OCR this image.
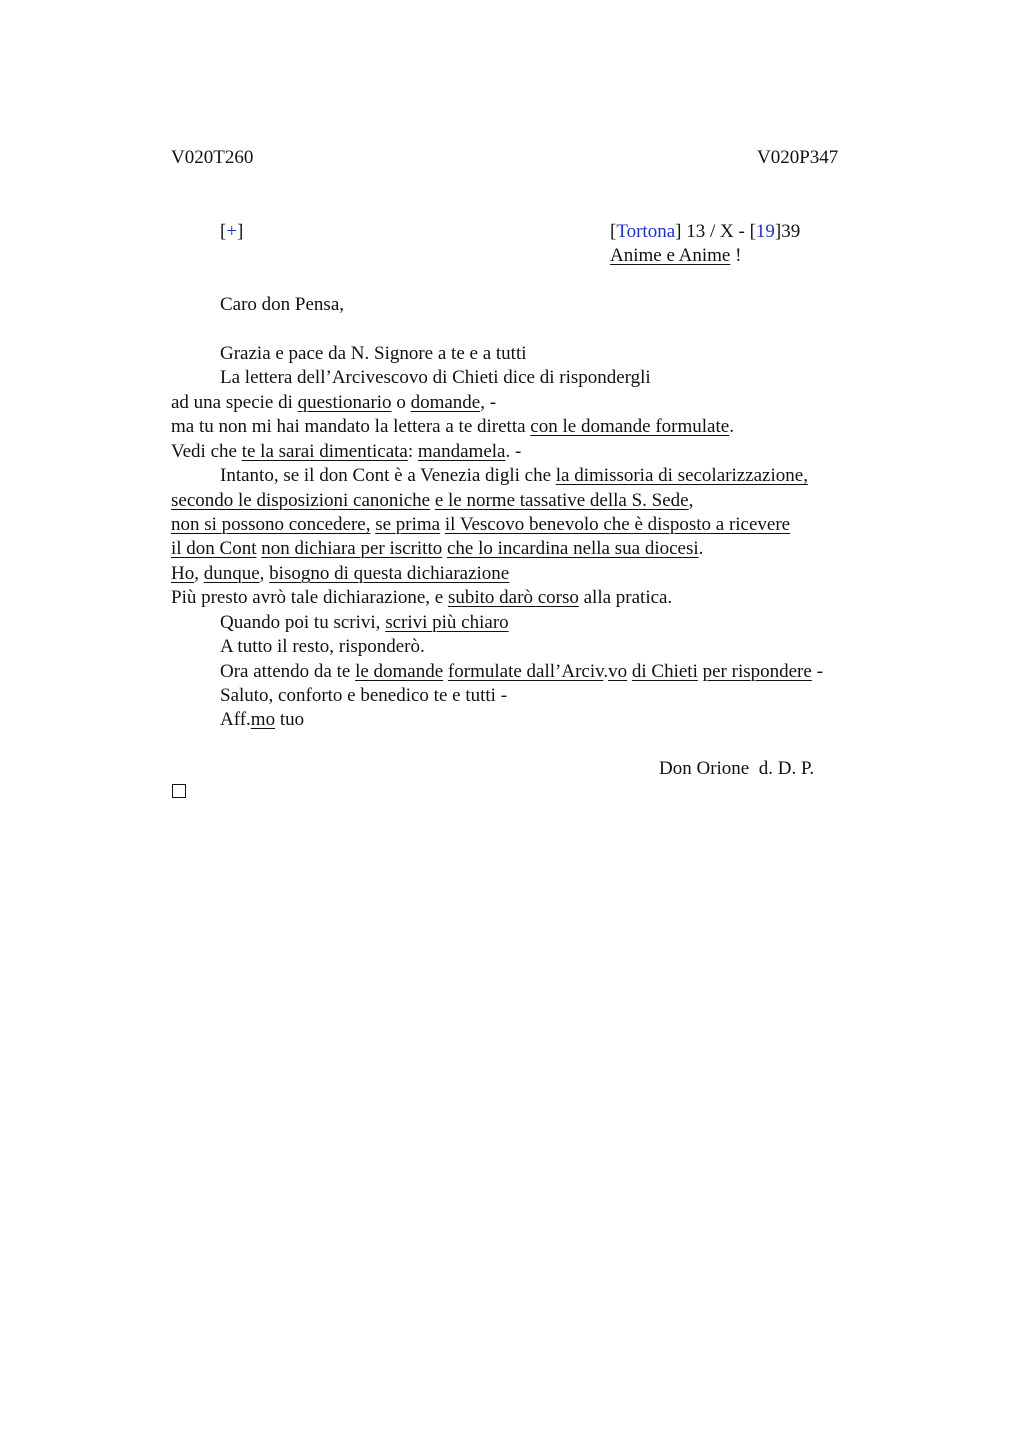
V020T260	V020P347
[+]	[Tortona] 13 / X - [19]39
Anime e Anime !
Caro don Pensa,
Grazia e pace da N. Signore a te e a tutti
La lettera dell’Arcivescovo di Chieti dice di rispondergli
ad una specie di questionario o domande, -
ma tu non mi hai mandato la lettera a te diretta con le domande formulate.
Vedi che te la sarai dimenticata: mandamela. -
Intanto, se il don Cont è a Venezia digli che la dimissoria di secolarizzazione,
secondo le disposizioni canoniche e le norme tassative della S. Sede,
non si possono concedere, se prima il Vescovo benevolo che è disposto a ricevere
il don Cont non dichiara per iscritto che lo incardina nella sua diocesi.
Ho, dunque, bisogno di questa dichiarazione
Più presto avrò tale dichiarazione, e subito darò corso alla pratica.
Quando poi tu scrivi, scrivi più chiaro
A tutto il resto, risponderò.
Ora attendo da te le domande formulate dall’Arciv.vo di Chieti per rispondere -
Saluto, conforto e benedico te e tutti -
Aff.mo tuo
Don Orione  d. D. P.
